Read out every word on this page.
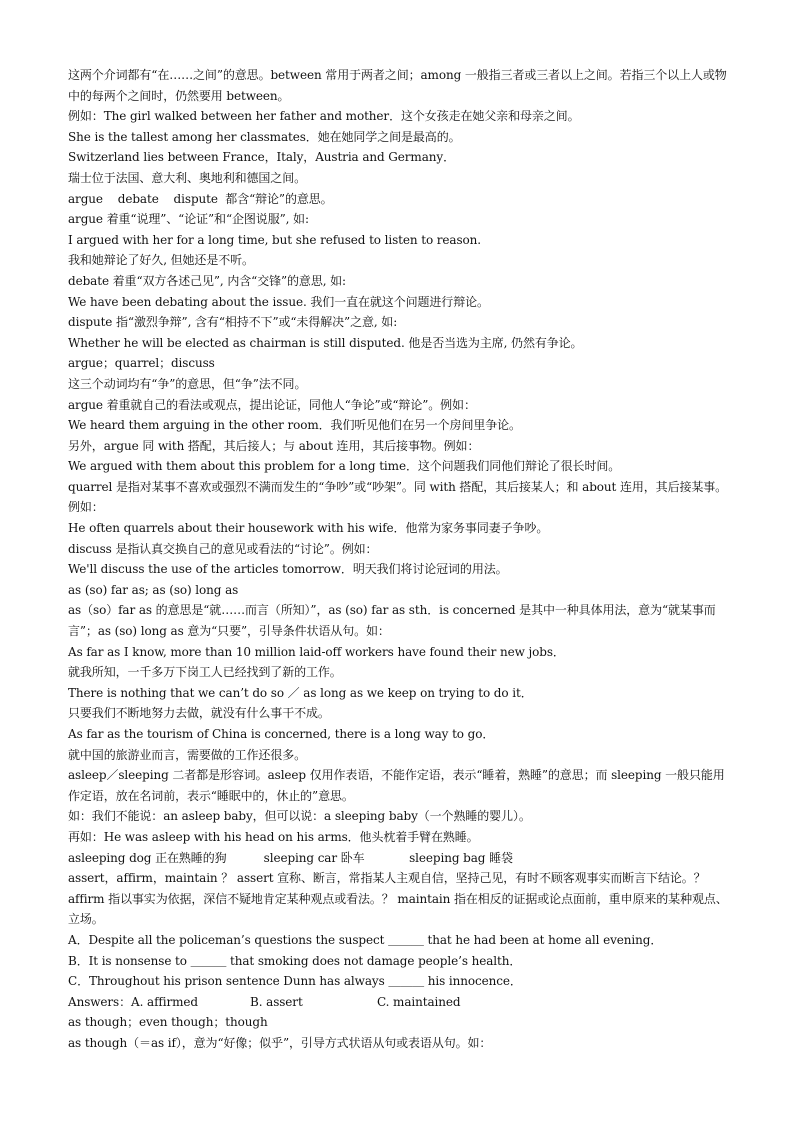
这两个介词都有“在……之间”的意思。between 常用于两者之间；among 一般指三者或三者以上之间。若指三个以上人或物中的每两个之间时，仍然要用 between。
例如：The girl walked between her father and mother．这个女孩走在她父亲和母亲之间。
She is the tallest among her classmates．她在她同学之间是最高的。
Switzerland lies between France，Italy，Austria and Germany．
瑞士位于法国、意大利、奥地利和德国之间。
argue    debate    dispute  都含“辩论”的意思。
argue 着重“说理”、“论证”和“企图说服”, 如:
I argued with her for a long time, but she refused to listen to reason.
我和她辩论了好久, 但她还是不听。
debate 着重“双方各述己见”, 内含“交锋”的意思, 如:
We have been debating about the issue. 我们一直在就这个问题进行辩论。
dispute 指“激烈争辩”, 含有“相持不下”或“未得解决”之意, 如:
Whether he will be elected as chairman is still disputed. 他是否当选为主席, 仍然有争论。
argue；quarrel；discuss
这三个动词均有“争”的意思，但“争”法不同。
argue 着重就自己的看法或观点，提出论证，同他人“争论”或“辩论”。例如：
We heard them arguing in the other room．我们听见他们在另一个房间里争论。
另外，argue 同 with 搭配，其后接人；与 about 连用，其后接事物。例如：
We argued with them about this problem for a long time．这个问题我们同他们辩论了很长时间。
quarrel 是指对某事不喜欢或强烈不满而发生的“争吵”或“吵架”。同 with 搭配，其后接某人；和 about 连用，其后接某事。例如：
He often quarrels about their housework with his wife．他常为家务事同妻子争吵。
discuss 是指认真交换自己的意见或看法的“讨论”。例如：
We'll discuss the use of the articles tomorrow．明天我们将讨论冠词的用法。
as (so) far as; as (so) long as
as（so）far as 的意思是“就……而言（所知）”，as (so) far as sth．is concerned 是其中一种具体用法，意为“就某事而言”；as (so) long as 意为“只要”，引导条件状语从句。如：
As far as I know, more than 10 million laid-off workers have found their new jobs．
就我所知，一千多万下岗工人已经找到了新的工作。
There is nothing that we can’t do so ／ as long as we keep on trying to do it．
只要我们不断地努力去做，就没有什么事干不成。
As far as the tourism of China is concerned, there is a long way to go．
就中国的旅游业而言，需要做的工作还很多。
asleep／sleeping 二者都是形容词。asleep 仅用作表语，不能作定语，表示“睡着，熟睡”的意思；而 sleeping 一般只能用作定语，放在名词前，表示“睡眠中的，休止的”意思。
如：我们不能说：an asleep baby，但可以说：a sleeping baby（一个熟睡的婴儿）。
再如：He was asleep with his head on his arms．他头枕着手臂在熟睡。
asleeping dog 正在熟睡的狗          sleeping car 卧车            sleeping bag 睡袋
assert，affirm，maintain ？ assert 宣称、断言，常指某人主观自信，坚持己见，有时不顾客观事实而断言下结论。？ affirm 指以事实为依据，深信不疑地肯定某种观点或看法。？ maintain 指在相反的证据或论点面前，重申原来的某种观点、立场。
A．Despite all the policeman’s questions the suspect ＿＿＿ that he had been at home all evening．
B．It is nonsense to ＿＿＿ that smoking does not damage people’s health．
C．Throughout his prison sentence Dunn has always ＿＿＿ his innocence．
Answers：A. affirmed              B. assert                    C. maintained
as though；even though；though
as though（＝as if），意为“好像；似乎”，引导方式状语从句或表语从句。如：
